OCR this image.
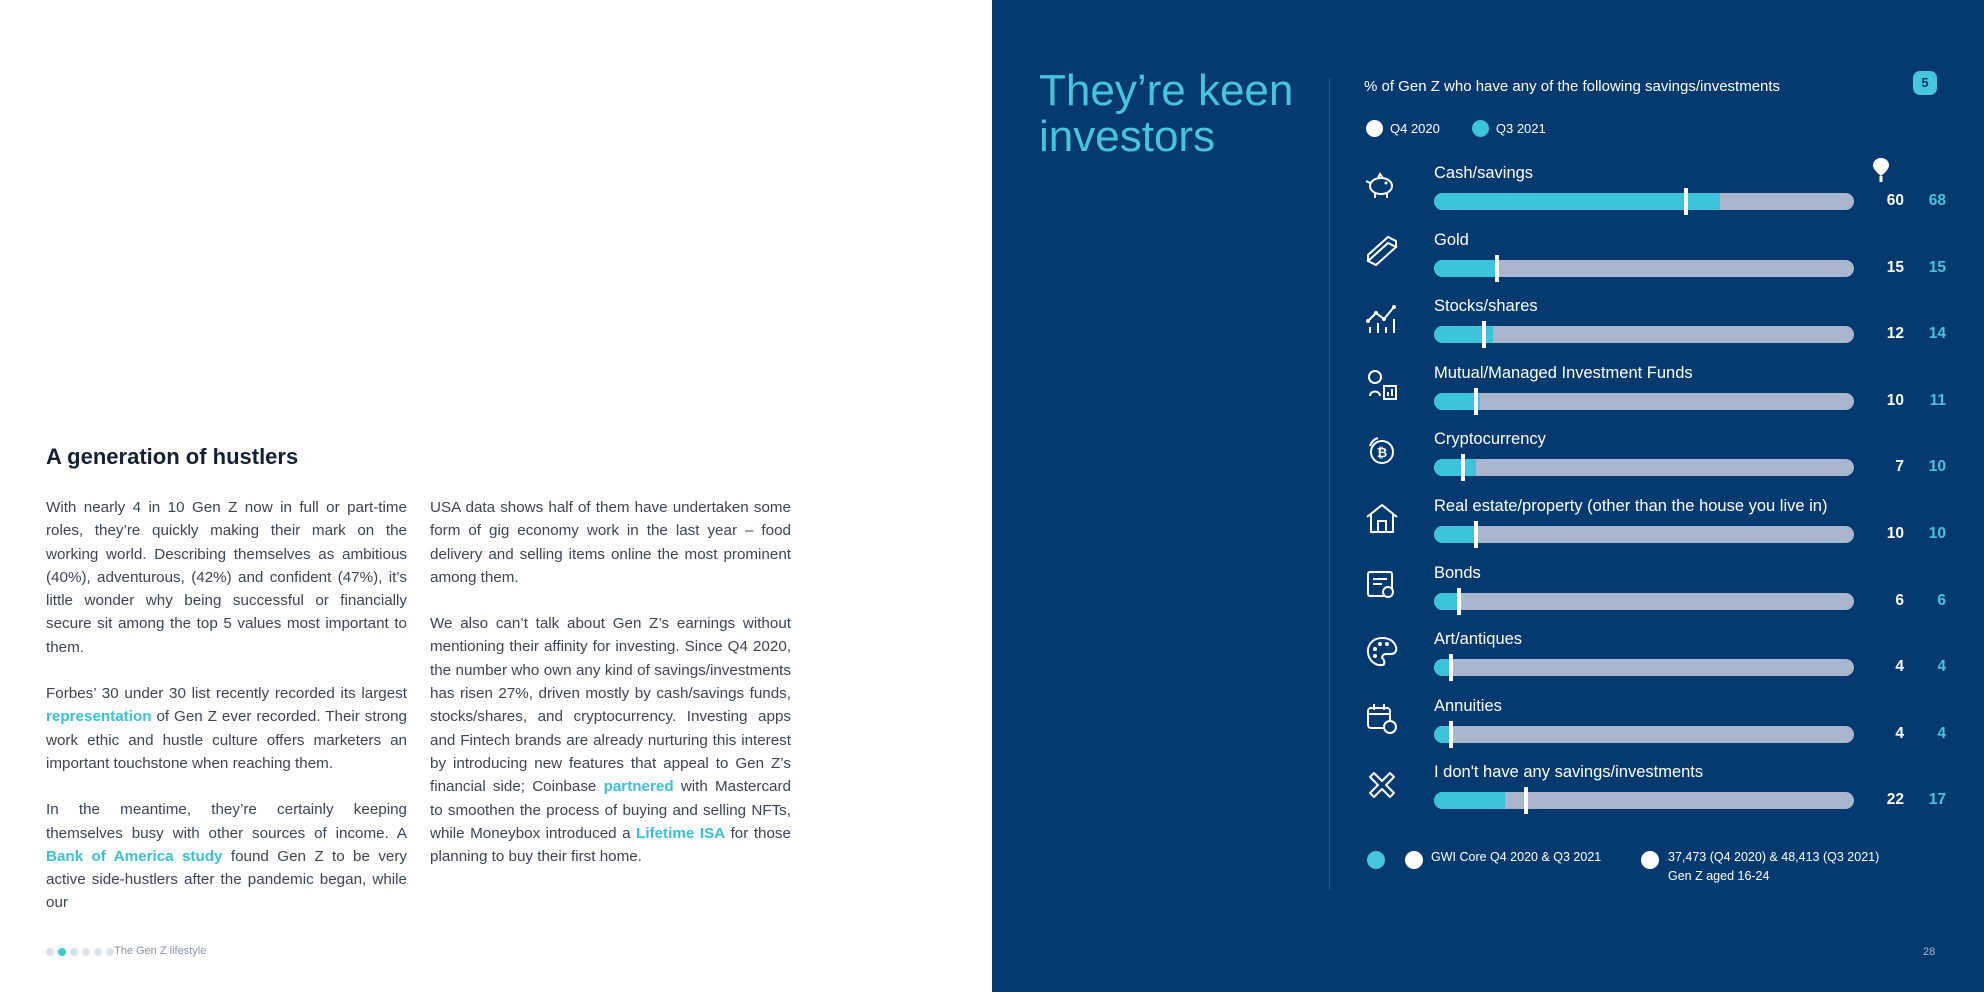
A generation of hustlers

With nearly 4 in 10 Gen Z now in full or part-time roles, they’re quickly making their mark on the working world. Describing themselves as ambitious (40%), adventurous, (42%) and confident (47%), it’s little wonder why being successful or financially secure sit among the top 5 values most important to them.

Forbes’ 30 under 30 list recently recorded its largest representation of Gen Z ever recorded. Their strong work ethic and hustle culture offers marketers an important touchstone when reaching them.

In the meantime, they’re certainly keeping themselves busy with other sources of income. A Bank of America study found Gen Z to be very active side-hustlers after the pandemic began, while our

USA data shows half of them have undertaken some form of gig economy work in the last year – food delivery and selling items online the most prominent among them.

We also can’t talk about Gen Z’s earnings without mentioning their affinity for investing. Since Q4 2020, the number who own any kind of savings/investments has risen 27%, driven mostly by cash/savings funds, stocks/shares, and cryptocurrency. Investing apps and Fintech brands are already nurturing this interest by introducing new features that appeal to Gen Z’s financial side; Coinbase partnered with Mastercard to smoothen the process of buying and selling NFTs, while Moneybox introduced a Lifetime ISA for those planning to buy their first home.

The Gen Z lifestyle
They’re keen investors
% of Gen Z who have any of the following savings/investments	5
Q4 2020	Q3 2021
Cash/savings
60	68
Gold
15	15
Stocks/shares
12	14
Mutual/Managed Investment Funds
10	11
₿
Cryptocurrency
7	10
Real estate/property (other than the house you live in)
10	10
Bonds
6	6
Art/antiques
4	4
Annuities
4	4
I don't have any savings/investments
22	17
GWI Core Q4 2020 & Q3 2021	37,473 (Q4 2020) & 48,413 (Q3 2021)
Gen Z aged 16-24
28
